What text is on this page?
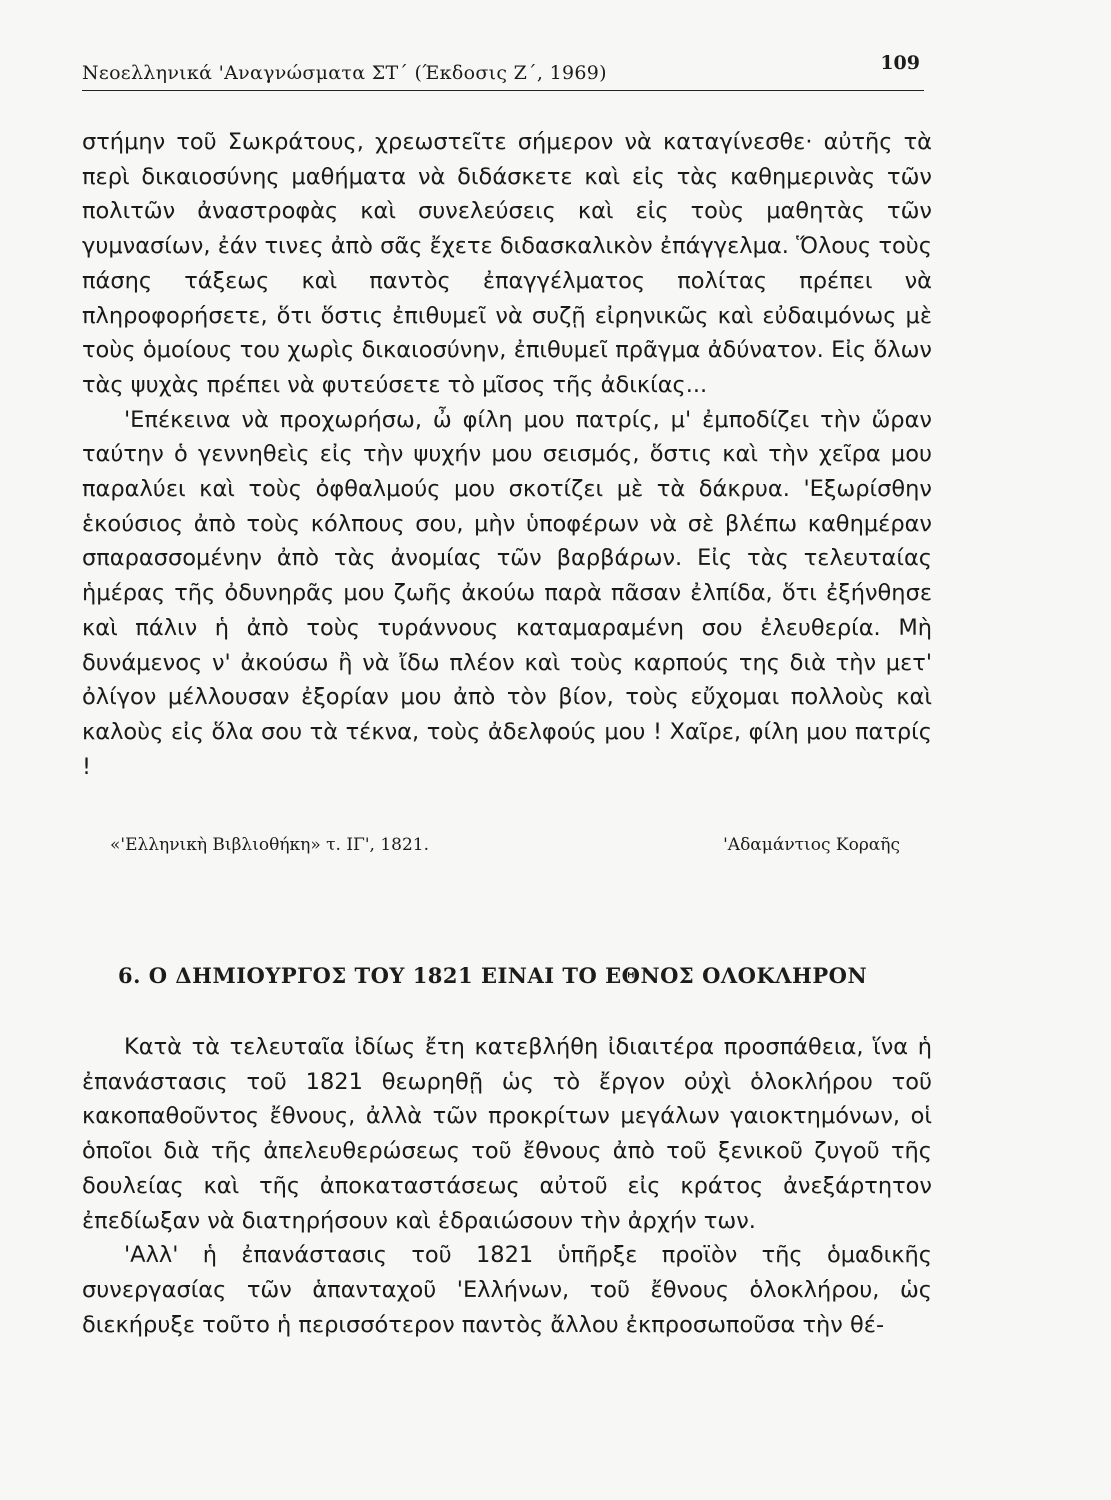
Νεοελληνικά 'Αναγνώσματα ΣΤ΄ (Έκδοσις Ζ΄, 1969)	109

στήμην τοῦ Σωκράτους, χρεωστεῖτε σήμερον νὰ καταγίνεσθε· αὐτῆς τὰ περὶ δικαιοσύνης μαθήματα νὰ διδάσκετε καὶ εἰς τὰς καθημερινὰς τῶν πολιτῶν ἀναστροφὰς καὶ συνελεύσεις καὶ εἰς τοὺς μαθητὰς τῶν γυμνασίων, ἐάν τινες ἀπὸ σᾶς ἔχετε διδασκαλικὸν ἐπάγγελμα. Ὅλους τοὺς πάσης τάξεως καὶ παντὸς ἐπαγγέλματος πολίτας πρέπει νὰ πληροφορήσετε, ὅτι ὅστις ἐπιθυμεῖ νὰ συζῇ εἰρηνικῶς καὶ εὐδαιμόνως μὲ τοὺς ὁμοίους του χωρὶς δικαιοσύνην, ἐπιθυμεῖ πρᾶγμα ἀδύνατον. Εἰς ὅλων τὰς ψυχὰς πρέπει νὰ φυτεύσετε τὸ μῖσος τῆς ἀδικίας...

'Επέκεινα νὰ προχωρήσω, ὦ φίλη μου πατρίς, μ' ἐμποδίζει τὴν ὥραν ταύτην ὁ γεννηθεὶς εἰς τὴν ψυχήν μου σεισμός, ὅστις καὶ τὴν χεῖρα μου παραλύει καὶ τοὺς ὀφθαλμούς μου σκοτίζει μὲ τὰ δάκρυα. 'Εξωρίσθην ἑκούσιος ἀπὸ τοὺς κόλπους σου, μὴν ὑποφέρων νὰ σὲ βλέπω καθημέραν σπαρασσομένην ἀπὸ τὰς ἀνομίας τῶν βαρβάρων. Εἰς τὰς τελευταίας ἡμέρας τῆς ὀδυνηρᾶς μου ζωῆς ἀκούω παρὰ πᾶσαν ἐλπίδα, ὅτι ἐξήνθησε καὶ πάλιν ἡ ἀπὸ τοὺς τυράννους καταμαραμένη σου ἐλευθερία. Μὴ δυνάμενος ν' ἀκούσω ἢ νὰ ἴδω πλέον καὶ τοὺς καρπούς της διὰ τὴν μετ' ὀλίγον μέλλουσαν ἐξορίαν μου ἀπὸ τὸν βίον, τοὺς εὔχομαι πολλοὺς καὶ καλοὺς εἰς ὅλα σου τὰ τέκνα, τοὺς ἀδελφούς μου ! Χαῖρε, φίλη μου πατρίς !

«'Ελληνικὴ Βιβλιοθήκη» τ. ΙΓ', 1821.	'Αδαμάντιος Κοραῆς
6. Ο ΔΗΜΙΟΥΡΓΟΣ ΤΟΥ 1821 ΕΙΝΑΙ ΤΟ ΕΘΝΟΣ ΟΛΟΚΛΗΡΟΝ

Κατὰ τὰ τελευταῖα ἰδίως ἔτη κατεβλήθη ἰδιαιτέρα προσπάθεια, ἵνα ἡ ἐπανάστασις τοῦ 1821 θεωρηθῇ ὡς τὸ ἔργον οὐχὶ ὁλοκλήρου τοῦ κακοπαθοῦντος ἔθνους, ἀλλὰ τῶν προκρίτων μεγάλων γαιοκτημόνων, οἱ ὁποῖοι διὰ τῆς ἀπελευθερώσεως τοῦ ἔθνους ἀπὸ τοῦ ξενικοῦ ζυγοῦ τῆς δουλείας καὶ τῆς ἀποκαταστάσεως αὐτοῦ εἰς κράτος ἀνεξάρτητον ἐπεδίωξαν νὰ διατηρήσουν καὶ ἑδραιώσουν τὴν ἀρχήν των.

'Αλλ' ἡ ἐπανάστασις τοῦ 1821 ὑπῆρξε προϊὸν τῆς ὁμαδικῆς συνεργασίας τῶν ἁπανταχοῦ 'Ελλήνων, τοῦ ἔθνους ὁλοκλήρου, ὡς διεκήρυξε τοῦτο ἡ περισσότερον παντὸς ἄλλου ἐκπροσωποῦσα τὴν θέ-
